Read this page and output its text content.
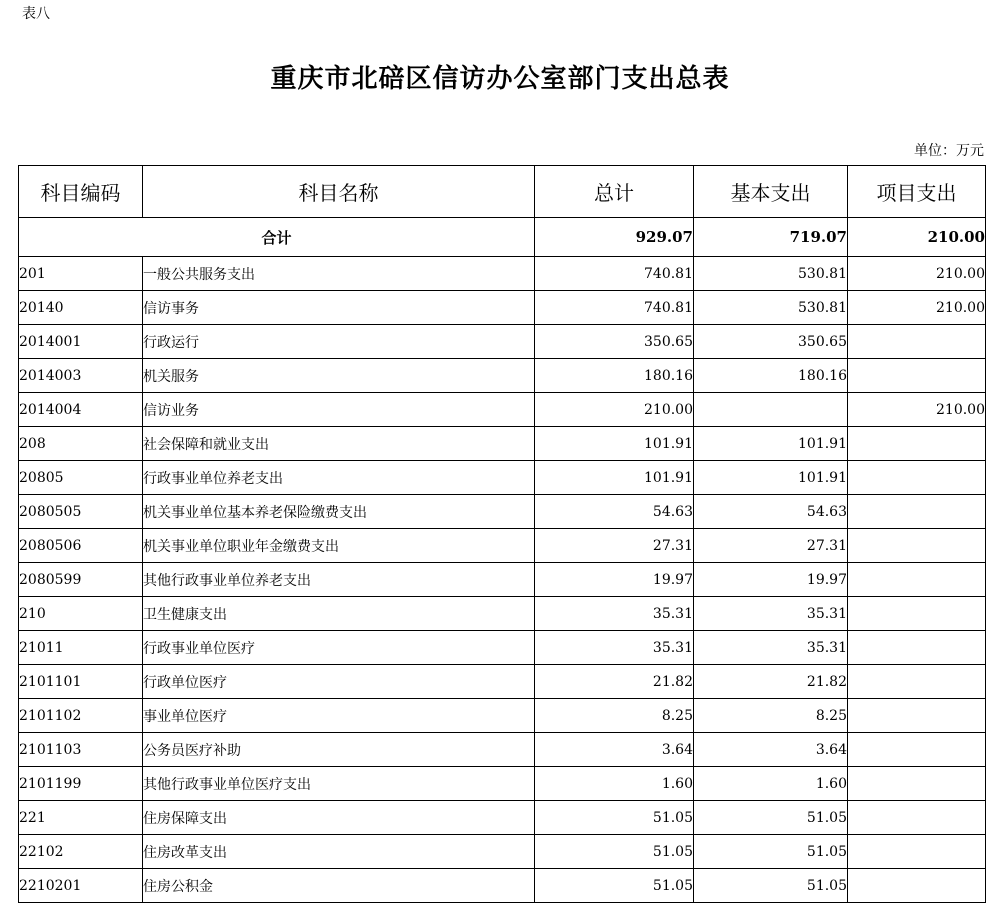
表八
重庆市北碚区信访办公室部门支出总表
单位：万元
科目编码	科目名称	总计	基本支出	项目支出
合计		929.07	719.07	210.00
201	一般公共服务支出	740.81	530.81	210.00
20140	信访事务	740.81	530.81	210.00
2014001	行政运行	350.65	350.65	
2014003	机关服务	180.16	180.16	
2014004	信访业务	210.00		210.00
208	社会保障和就业支出	101.91	101.91	
20805	行政事业单位养老支出	101.91	101.91	
2080505	机关事业单位基本养老保险缴费支出	54.63	54.63	
2080506	机关事业单位职业年金缴费支出	27.31	27.31	
2080599	其他行政事业单位养老支出	19.97	19.97	
210	卫生健康支出	35.31	35.31	
21011	行政事业单位医疗	35.31	35.31	
2101101	行政单位医疗	21.82	21.82	
2101102	事业单位医疗	8.25	8.25	
2101103	公务员医疗补助	3.64	3.64	
2101199	其他行政事业单位医疗支出	1.60	1.60	
221	住房保障支出	51.05	51.05	
22102	住房改革支出	51.05	51.05	
2210201	住房公积金	51.05	51.05	
